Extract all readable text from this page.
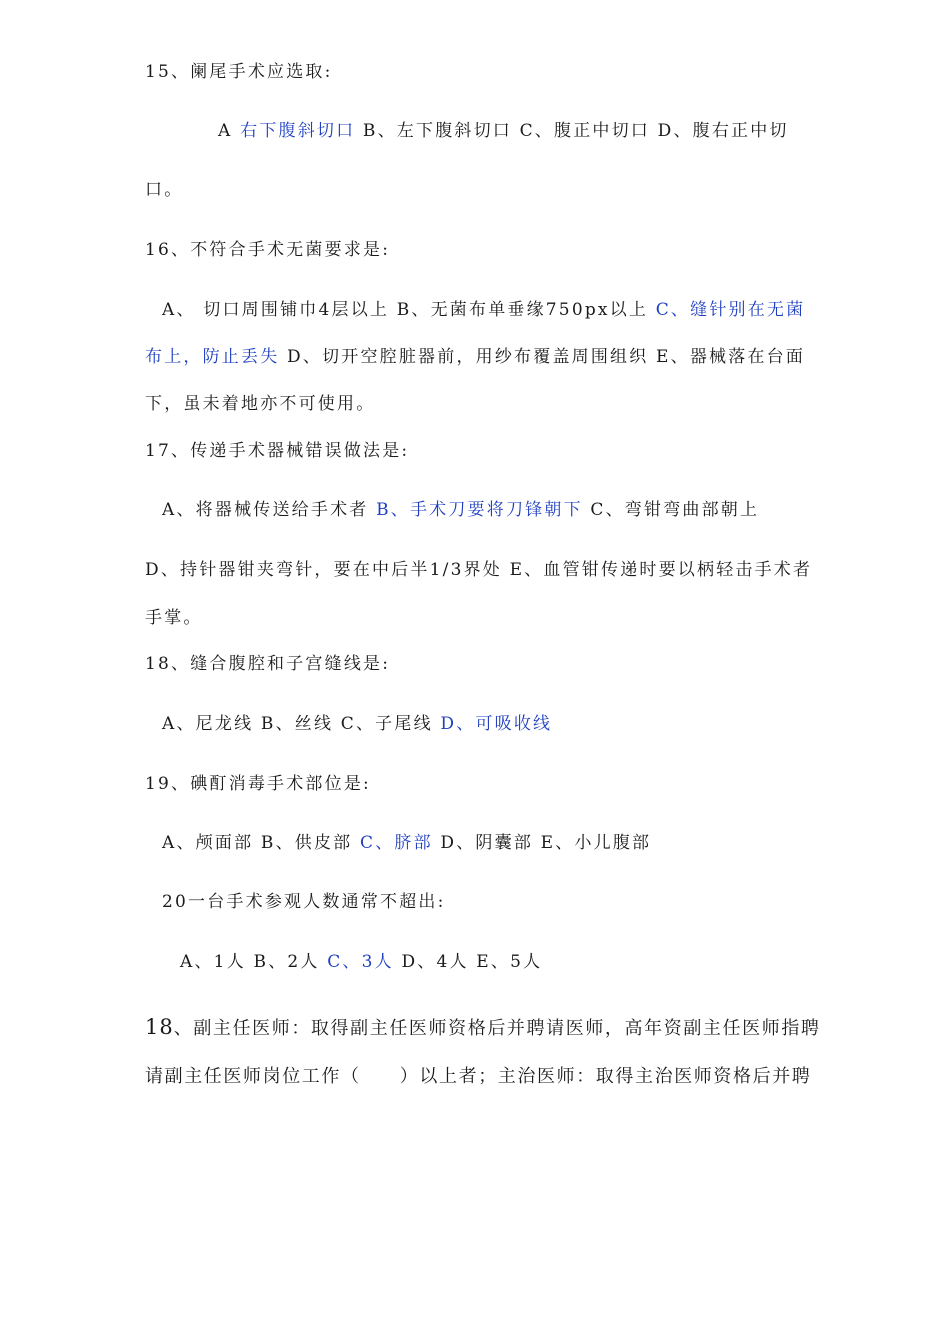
15、阑尾手术应选取:
A 右下腹斜切口 B、左下腹斜切口 C、腹正中切口 D、腹右正中切
口。
16、不符合手术无菌要求是:
A、 切口周围铺巾4层以上 B、无菌布单垂缘750px以上 C、缝针别在无菌
布上，防止丢失 D、切开空腔脏器前，用纱布覆盖周围组织 E、器械落在台面
下，虽未着地亦不可使用。
17、传递手术器械错误做法是:
A、将器械传送给手术者 B、手术刀要将刀锋朝下 C、弯钳弯曲部朝上
D、持针器钳夹弯针，要在中后半1/3界处 E、血管钳传递时要以柄轻击手术者
手掌。
18、缝合腹腔和子宫缝线是:
A、尼龙线 B、丝线 C、子尾线 D、可吸收线
19、碘酊消毒手术部位是:
A、颅面部 B、供皮部 C、脐部 D、阴囊部 E、小儿腹部
20一台手术参观人数通常不超出:
A、1人 B、2人 C、3人 D、4人 E、5人
18、副主任医师：取得副主任医师资格后并聘请医师，高年资副主任医师指聘
请副主任医师岗位工作（　　）以上者；主治医师：取得主治医师资格后并聘
